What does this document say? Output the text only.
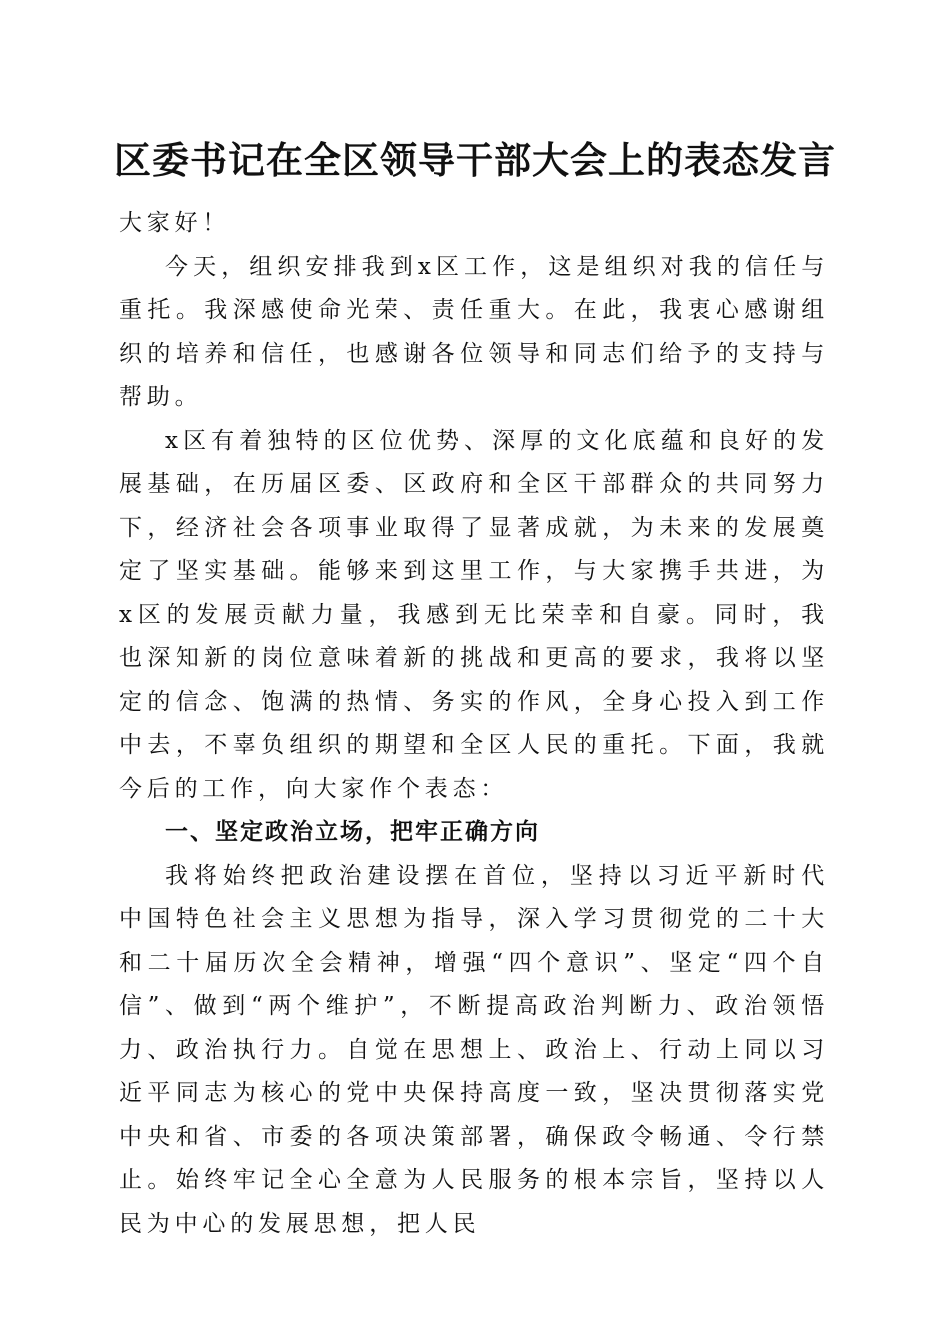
区委书记在全区领导干部大会上的表态发言

大家好！

今天，组织安排我到x区工作，这是组织对我的信任与重托。我深感使命光荣、责任重大。在此，我衷心感谢组织的培养和信任，也感谢各位领导和同志们给予的支持与帮助。

x区有着独特的区位优势、深厚的文化底蕴和良好的发展基础，在历届区委、区政府和全区干部群众的共同努力下，经济社会各项事业取得了显著成就，为未来的发展奠定了坚实基础。能够来到这里工作，与大家携手共进，为x区的发展贡献力量，我感到无比荣幸和自豪。同时，我也深知新的岗位意味着新的挑战和更高的要求，我将以坚定的信念、饱满的热情、务实的作风，全身心投入到工作中去，不辜负组织的期望和全区人民的重托。下面，我就今后的工作，向大家作个表态：

一、坚定政治立场，把牢正确方向

我将始终把政治建设摆在首位，坚持以习近平新时代中国特色社会主义思想为指导，深入学习贯彻党的二十大和二十届历次全会精神，增强“四个意识”、坚定“四个自信”、做到“两个维护”，不断提高政治判断力、政治领悟力、政治执行力。自觉在思想上、政治上、行动上同以习近平同志为核心的党中央保持高度一致，坚决贯彻落实党中央和省、市委的各项决策部署，确保政令畅通、令行禁止。始终牢记全心全意为人民服务的根本宗旨，坚持以人民为中心的发展思想，把人民
